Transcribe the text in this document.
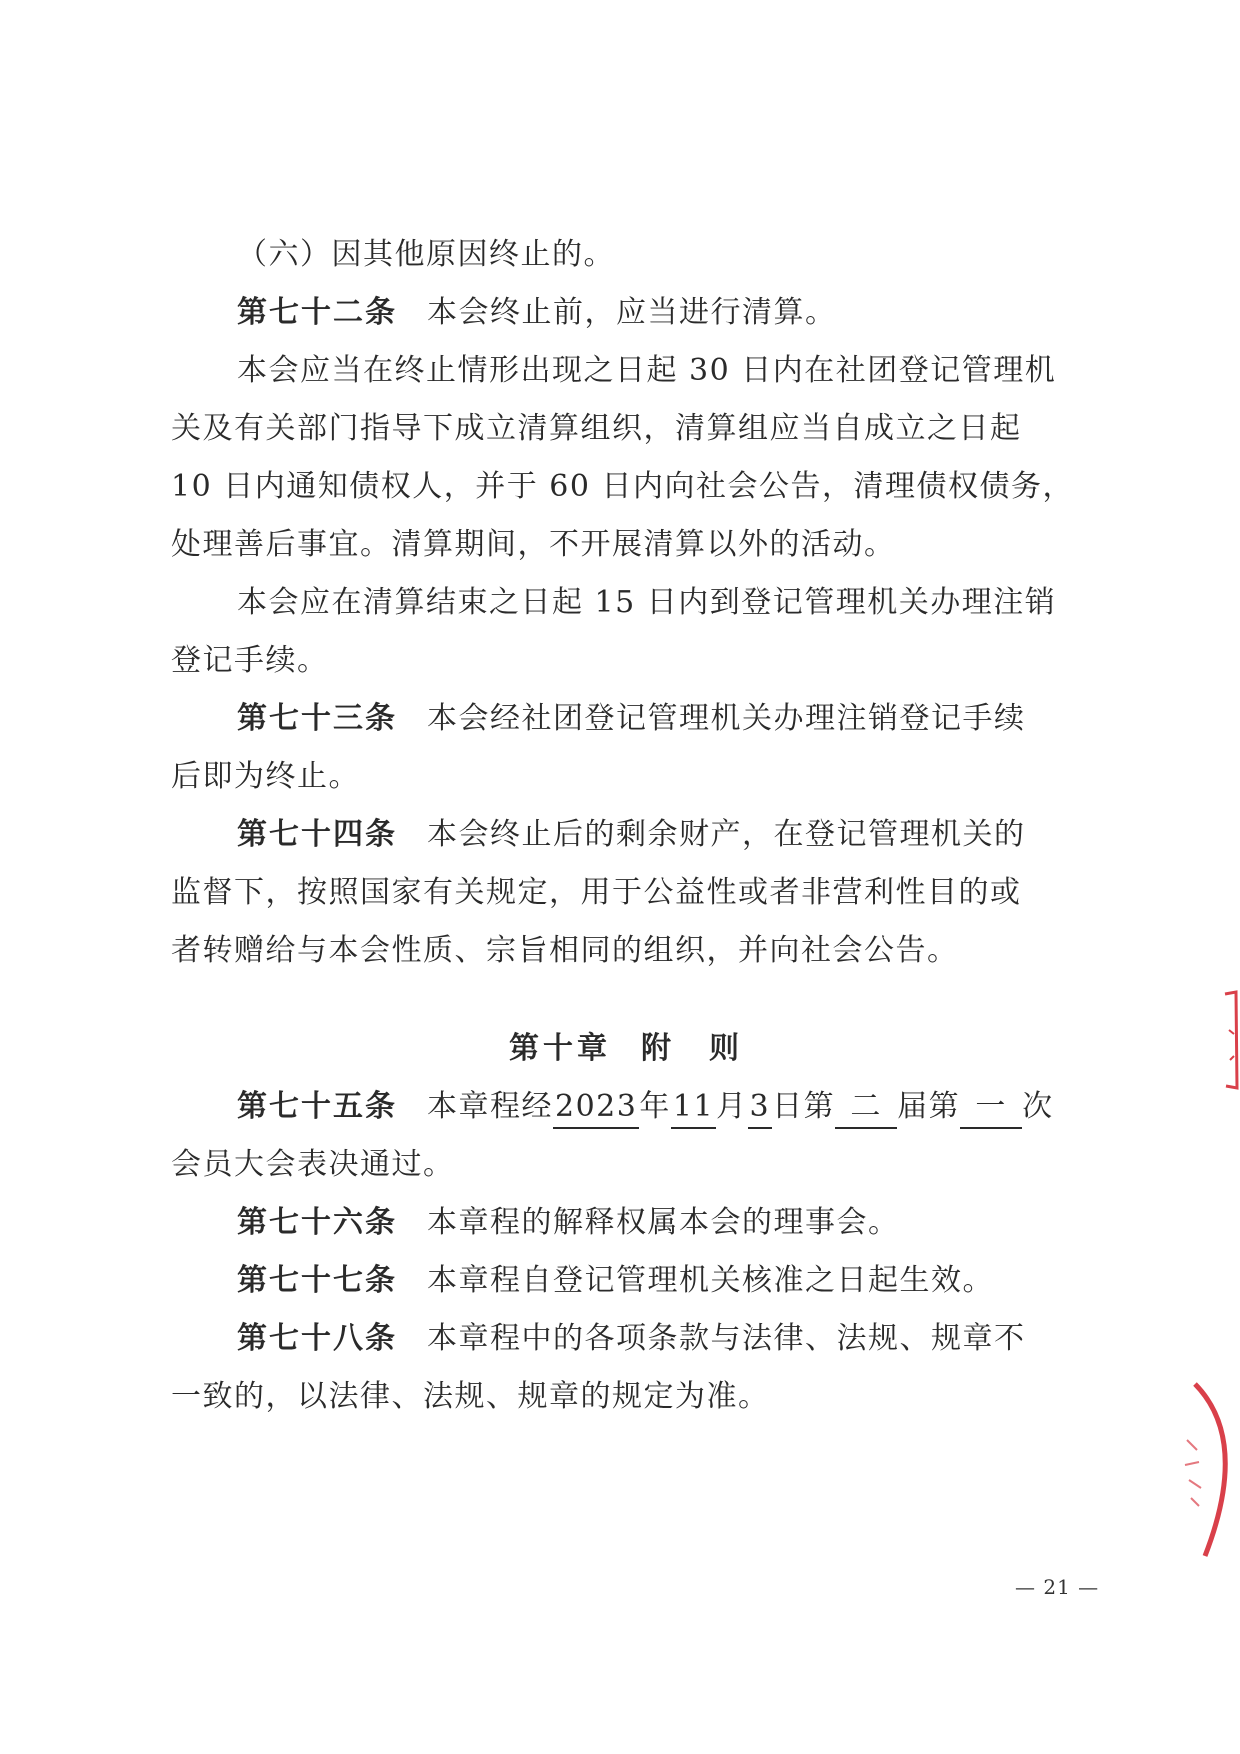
（六）因其他原因终止的。
第七十二条 本会终止前，应当进行清算。
本会应当在终止情形出现之日起 30 日内在社团登记管理机
关及有关部门指导下成立清算组织，清算组应当自成立之日起
10 日内通知债权人，并于 60 日内向社会公告，清理债权债务，
处理善后事宜。清算期间，不开展清算以外的活动。
本会应在清算结束之日起 15 日内到登记管理机关办理注销
登记手续。
第七十三条 本会经社团登记管理机关办理注销登记手续
后即为终止。
第七十四条 本会终止后的剩余财产，在登记管理机关的
监督下，按照国家有关规定，用于公益性或者非营利性目的或
者转赠给与本会性质、宗旨相同的组织，并向社会公告。
第十章 附　则
第七十五条 本章程经2023年11月3日第 二 届第 一 次
会员大会表决通过。
第七十六条 本章程的解释权属本会的理事会。
第七十七条 本章程自登记管理机关核准之日起生效。
第七十八条 本章程中的各项条款与法律、法规、规章不
一致的，以法律、法规、规章的规定为准。
— 21 —
